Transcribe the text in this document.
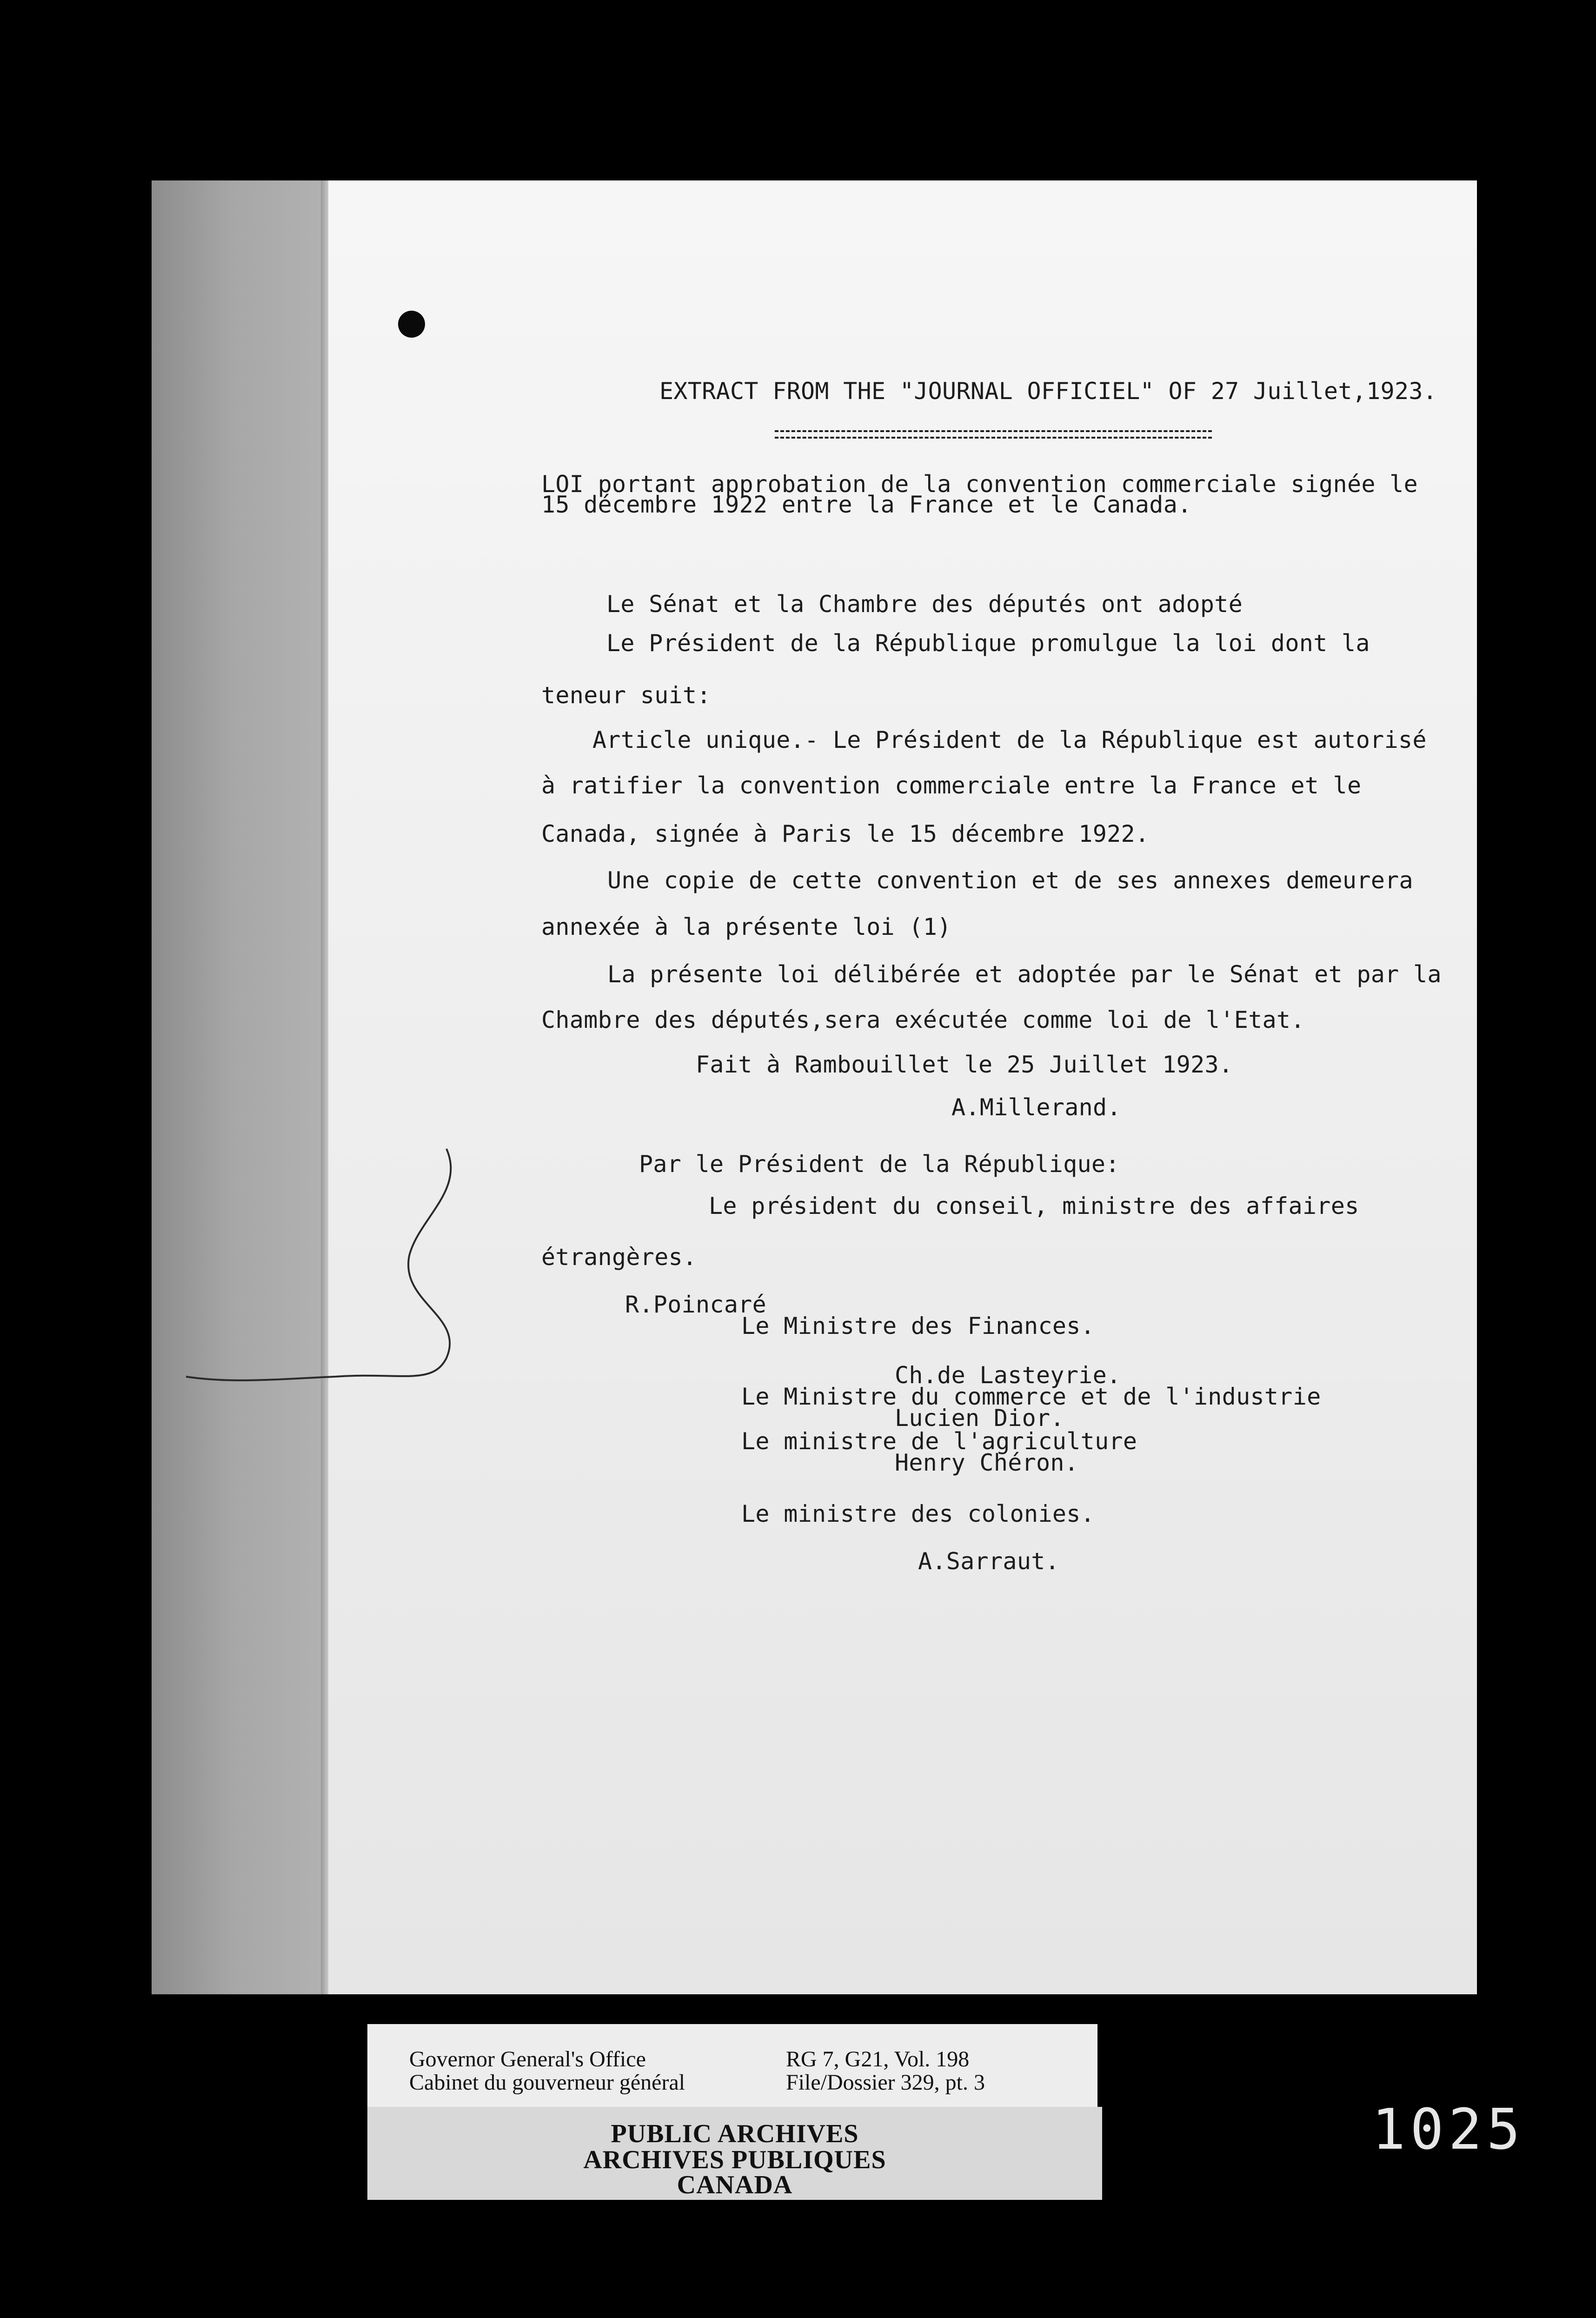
EXTRACT FROM THE "JOURNAL OFFICIEL" OF 27 Juillet,1923.
LOI portant approbation de la convention commerciale signée le
15 décembre 1922 entre la France et le Canada.
Le Sénat et la Chambre des députés ont adopté
Le Président de la République promulgue la loi dont la
teneur suit:
Article unique.- Le Président de la République est autorisé
à ratifier la convention commerciale entre la France et le
Canada, signée à Paris le 15 décembre 1922.
Une copie de cette convention et de ses annexes demeurera
annexée à la présente loi (1)
La présente loi délibérée et adoptée par le Sénat et par la
Chambre des députés,sera exécutée comme loi de l'Etat.
Fait à Rambouillet le 25 Juillet 1923.
A.Millerand.
Par le Président de la République:
Le président du conseil, ministre des affaires
étrangères.
R.Poincaré
Le Ministre des Finances.
Ch.de Lasteyrie.
Le Ministre du commerce et de l'industrie
Lucien Dior.
Le ministre de l'agriculture
Henry Chéron.
Le ministre des colonies.
A.Sarraut.
Governor General's Office
Cabinet du gouverneur général
RG 7, G21, Vol. 198
File/Dossier 329, pt. 3
PUBLIC ARCHIVES
ARCHIVES PUBLIQUES
CANADA
1025
